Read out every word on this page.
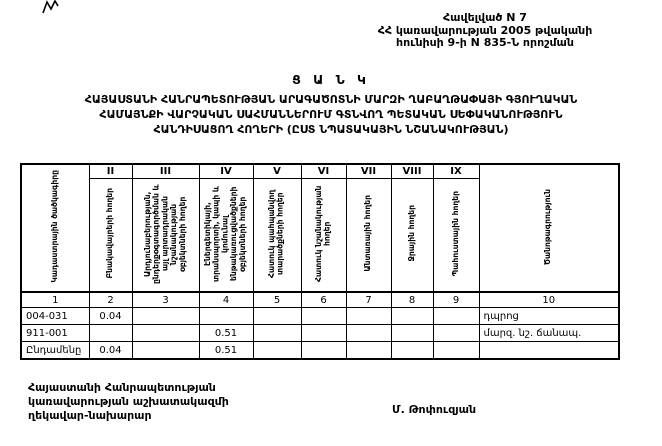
Հավելված N 7
ՀՀ կառավարության 2005 թվականի
հունիսի 9-ի N 835-Ն որոշման
Ց Ա Ն Կ
ՀԱՅԱՍՏԱՆԻ ՀԱՆՐԱՊԵՏՈՒԹՅԱՆ ԱՐԱԳԱԾՈՏՆԻ ՄԱՐԶԻ ՂԱԲԱՂԹԱՓԱՅԻ ԳՅՈՒՂԱԿԱՆ
ՀԱՄԱՅՆՔԻ ՎԱՐՉԱԿԱՆ ՍԱՀՄԱՆՆԵՐՈՒՄ ԳՏՆՎՈՂ ՊԵՏԱԿԱՆ ՍԵՓԱԿԱՆՈՒԹՅՈՒՆ
ՀԱՆԴԻՍԱՑՈՂ ՀՈՂԵՐԻ (ԸՍՏ ՆՊԱՏԱԿԱՅԻՆ ՆՇԱՆԱԿՈՒԹՅԱՆ)
Կադաստրային ծածկագիրը	II	III	IV	V	VI	VII	VIII	IX	Ծանոթագրություն
	Բնակավայրերի հողեր	Արդյունաբերության, ընդերքօգտագործման և այլ արտադրական նշանակության օբյեկտների հողեր	Էներգետիկայի, տրանսպորտի, կապի և կոմունալ ենթակառուցվածքների օբյեկտների հողեր	Հատուկ պահպանվող տարածքների հողեր	Հատուկ նշանակության հողեր	Անտառային հողեր	Ջրային հողեր	Պահուստային հողեր	
1	2	3	4	5	6	7	8	9	10
004-031	0.04								դպրոց
911-001			0.51						մարզ. նշ. ճանապ.
Ընդամենը	0.04		0.51						
Հայաստանի Հանրապետության
կառավարության աշխատակազմի
ղեկավար-նախարար	Մ. Թոփուզյան
